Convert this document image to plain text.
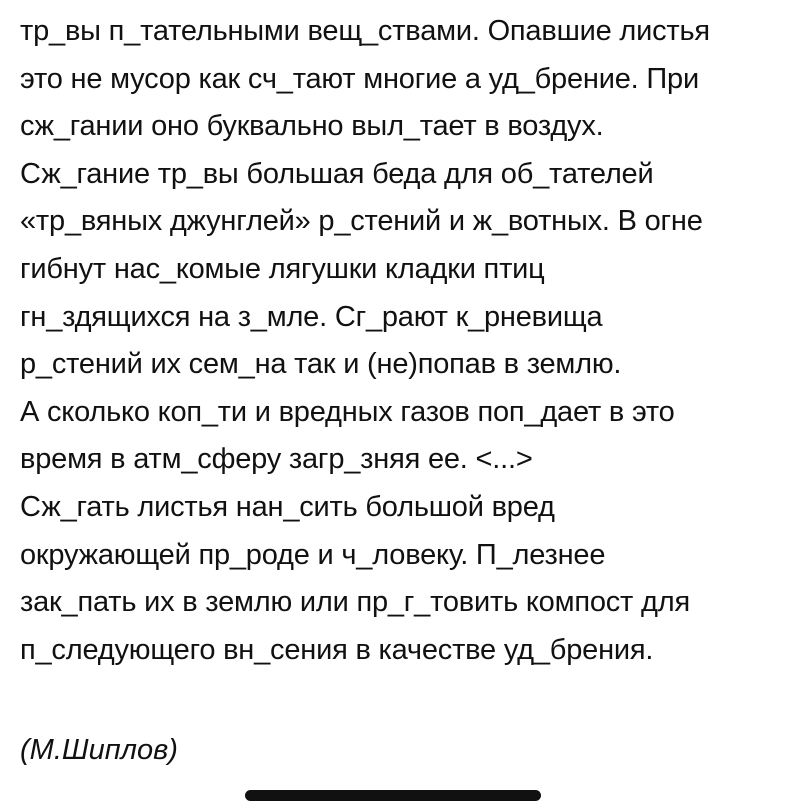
тр_вы п_тательными вещ_ствами. Опавшие листья
это не мусор как сч_тают многие а уд_брение. При
сж_гании оно буквально выл_тает в воздух.
Сж_гание тр_вы большая беда для об_тателей
«тр_вяных джунглей» р_стений и ж_вотных. В огне
гибнут нас_комые лягушки кладки птиц
гн_здящихся на з_мле. Сг_рают к_рневища
р_стений их сем_на так и (не)попав в землю.
А сколько коп_ти и вредных газов поп_дает в это
время в атм_сферу загр_зняя ее. <...>
Сж_гать листья нан_сить большой вред
окружающей пр_роде и ч_ловеку. П_лезнее
зак_пать их в землю или пр_г_товить компост для
п_следующего вн_сения в качестве уд_брения.
(М.Шиплов)
